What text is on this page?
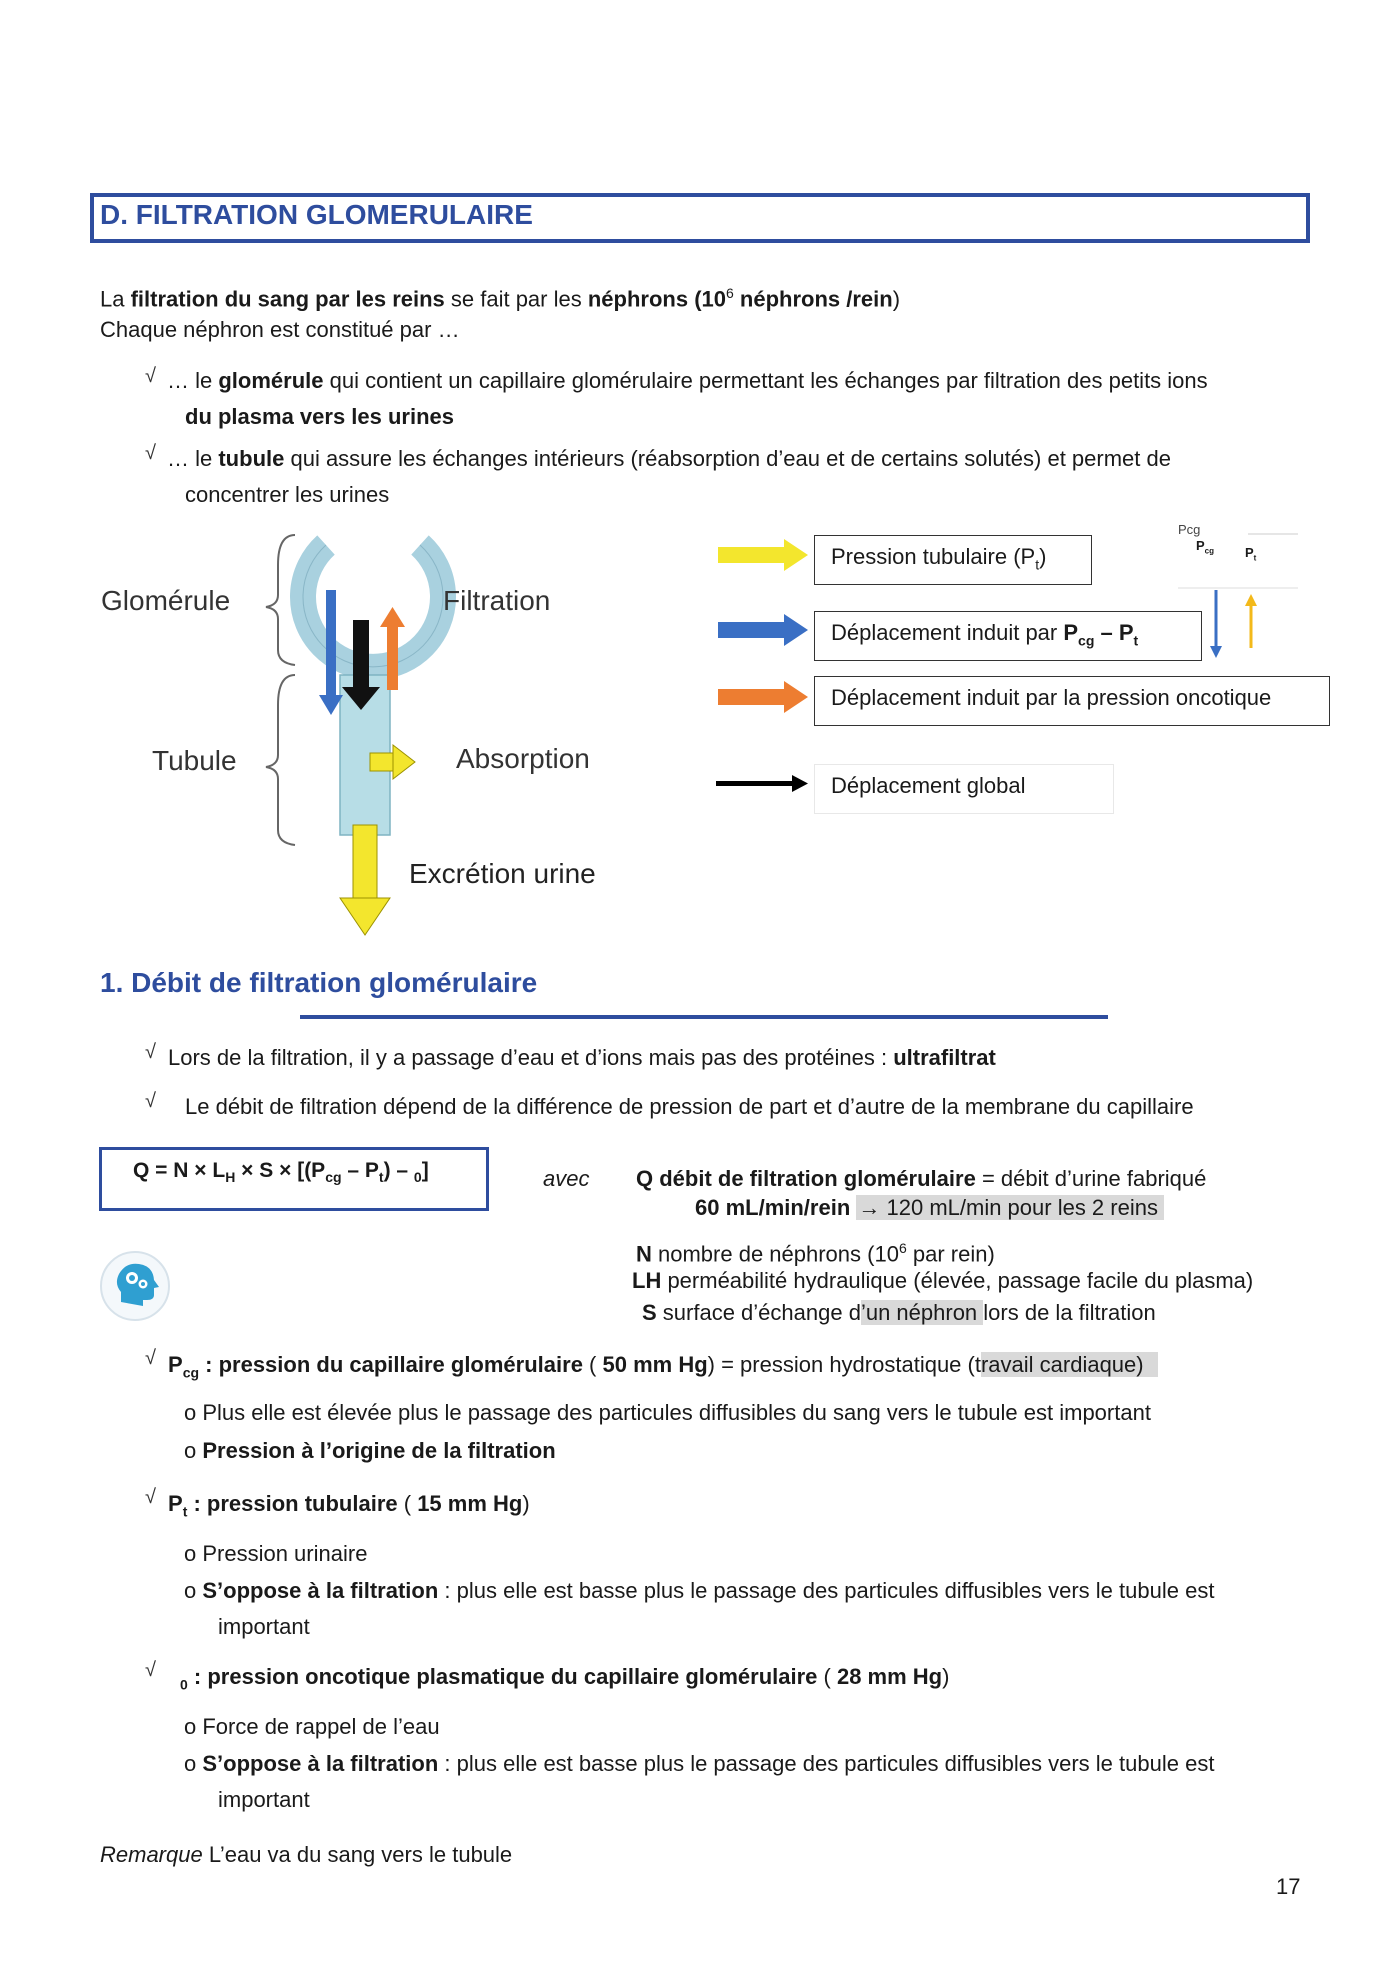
D. FILTRATION GLOMERULAIRE
La filtration du sang par les reins se fait par les néphrons ($10^6$ néphrons /rein)
Chaque néphron est constitué par …
√ … le glomérule qui contient un capillaire glomérulaire permettant les échanges par filtration des petits ions
du plasma vers les urines
√ … le tubule qui assure les échanges intérieurs (réabsorption d’eau et de certains solutés) et permet de
concentrer les urines
Glomérule	Filtration
Tubule	Absorption
Excrétion urine
Pression tubulaire $(P_t)$
Déplacement induit par $P_{cg} - P_t$
Déplacement induit par la pression oncotique
Déplacement global
Pcg
$P_{cg}$ $P_t$
1. Débit de filtration glomérulaire
√ Lors de la filtration, il y a passage d’eau et d’ions mais pas des protéines : ultrafiltrat
√ Le débit de filtration dépend de la différence de pression de part et d’autre de la membrane du capillaire
$Q = N \times L_H \times S \times [(P_{cg} - P_t) - _0]$	avec Q débit de filtration glomérulaire = débit d’urine fabriqué
60 mL/min/rein → 120 mL/min pour les 2 reins
N nombre de néphrons ($10^6$ par rein)
LH perméabilité hydraulique (élevée, passage facile du plasma)
S surface d’échange d’un néphron lors de la filtration
√ $P_{cg}$ : pression du capillaire glomérulaire ( 50 mm Hg) = pression hydrostatique (travail cardiaque)
o Plus elle est élevée plus le passage des particules diffusibles du sang vers le tubule est important
o Pression à l’origine de la filtration
√ $P_t$ : pression tubulaire ( 15 mm Hg)
o Pression urinaire
o S’oppose à la filtration : plus elle est basse plus le passage des particules diffusibles vers le tubule est
important
√
$_0$ : pression oncotique plasmatique du capillaire glomérulaire ( 28 mm Hg)
o Force de rappel de l’eau
o S’oppose à la filtration : plus elle est basse plus le passage des particules diffusibles vers le tubule est
important
Remarque L’eau va du sang vers le tubule
17
